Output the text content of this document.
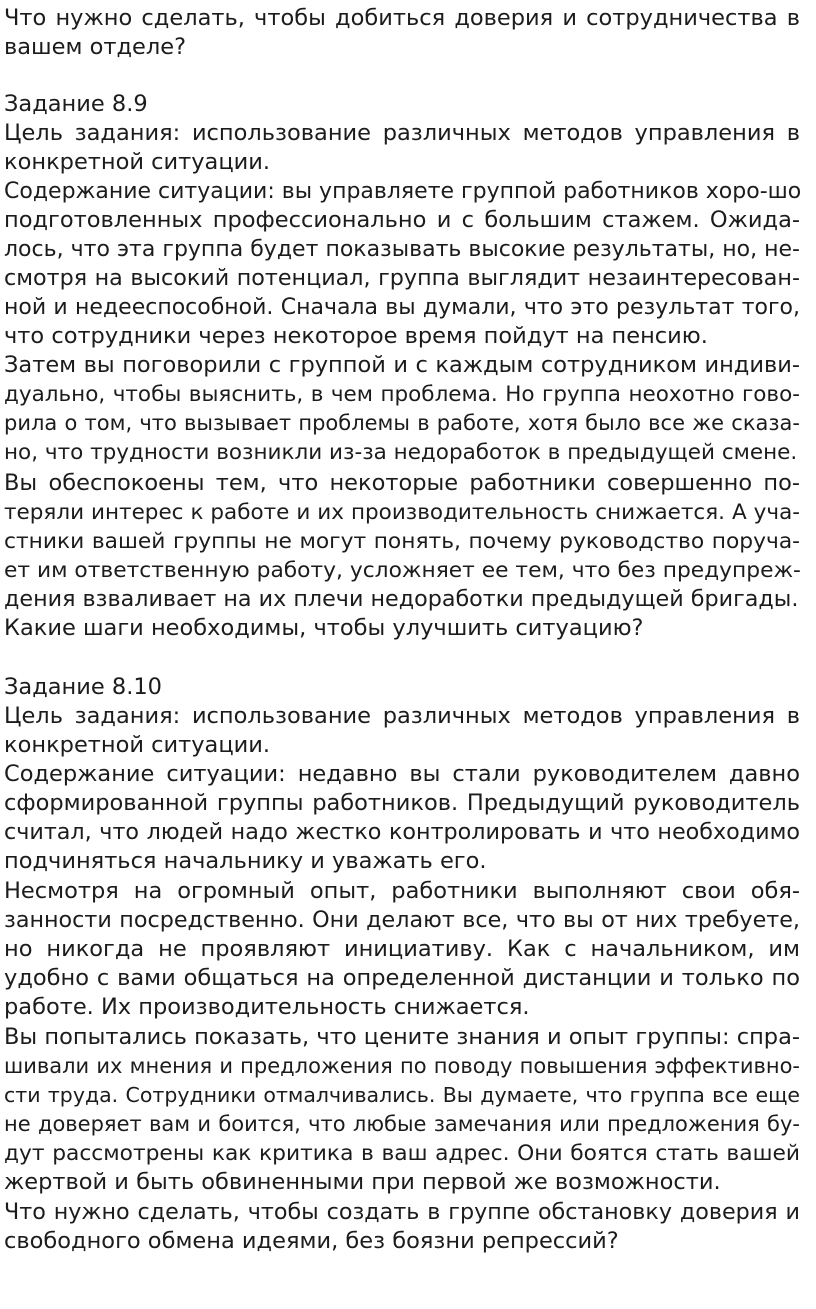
Что нужно сделать, чтобы добиться доверия и сотрудничества в

вашем отделе?

Задание 8.9

Цель задания: использование различных методов управления в

конкретной ситуации.

Содержание ситуации: вы управляете группой работников хоро-шо

подготовленных профессионально и с большим стажем. Ожида-

лось, что эта группа будет показывать высокие результаты, но, не-

смотря на высокий потенциал, группа выглядит незаинтересован-

ной и недееспособной. Сначала вы думали, что это результат того,

что сотрудники через некоторое время пойдут на пенсию.

Затем вы поговорили с группой и с каждым сотрудником индиви-

дуально, чтобы выяснить, в чем проблема. Но группа неохотно гово-

рила о том, что вызывает проблемы в работе, хотя было все же сказа-

но, что трудности возникли из-за недоработок в предыдущей смене.

Вы обеспокоены тем, что некоторые работники совершенно по-

теряли интерес к работе и их производительность снижается. А уча-

стники вашей группы не могут понять, почему руководство поруча-

ет им ответственную работу, усложняет ее тем, что без предупреж-

дения взваливает на их плечи недоработки предыдущей бригады.

Какие шаги необходимы, чтобы улучшить ситуацию?

Задание 8.10

Цель задания: использование различных методов управления в

конкретной ситуации.

Содержание ситуации: недавно вы стали руководителем давно

сформированной группы работников. Предыдущий руководитель

считал, что людей надо жестко контролировать и что необходимо

подчиняться начальнику и уважать его.

Несмотря на огромный опыт, работники выполняют свои обя-

занности посредственно. Они делают все, что вы от них требуете,

но никогда не проявляют инициативу. Как с начальником, им

удобно с вами общаться на определенной дистанции и только по

работе. Их производительность снижается.

Вы попытались показать, что цените знания и опыт группы: спра-

шивали их мнения и предложения по поводу повышения эффективно-

сти труда. Сотрудники отмалчивались. Вы думаете, что группа все еще

не доверяет вам и боится, что любые замечания или предложения бу-

дут рассмотрены как критика в ваш адрес. Они боятся стать вашей

жертвой и быть обвиненными при первой же возможности.

Что нужно сделать, чтобы создать в группе обстановку доверия и

свободного обмена идеями, без боязни репрессий?
